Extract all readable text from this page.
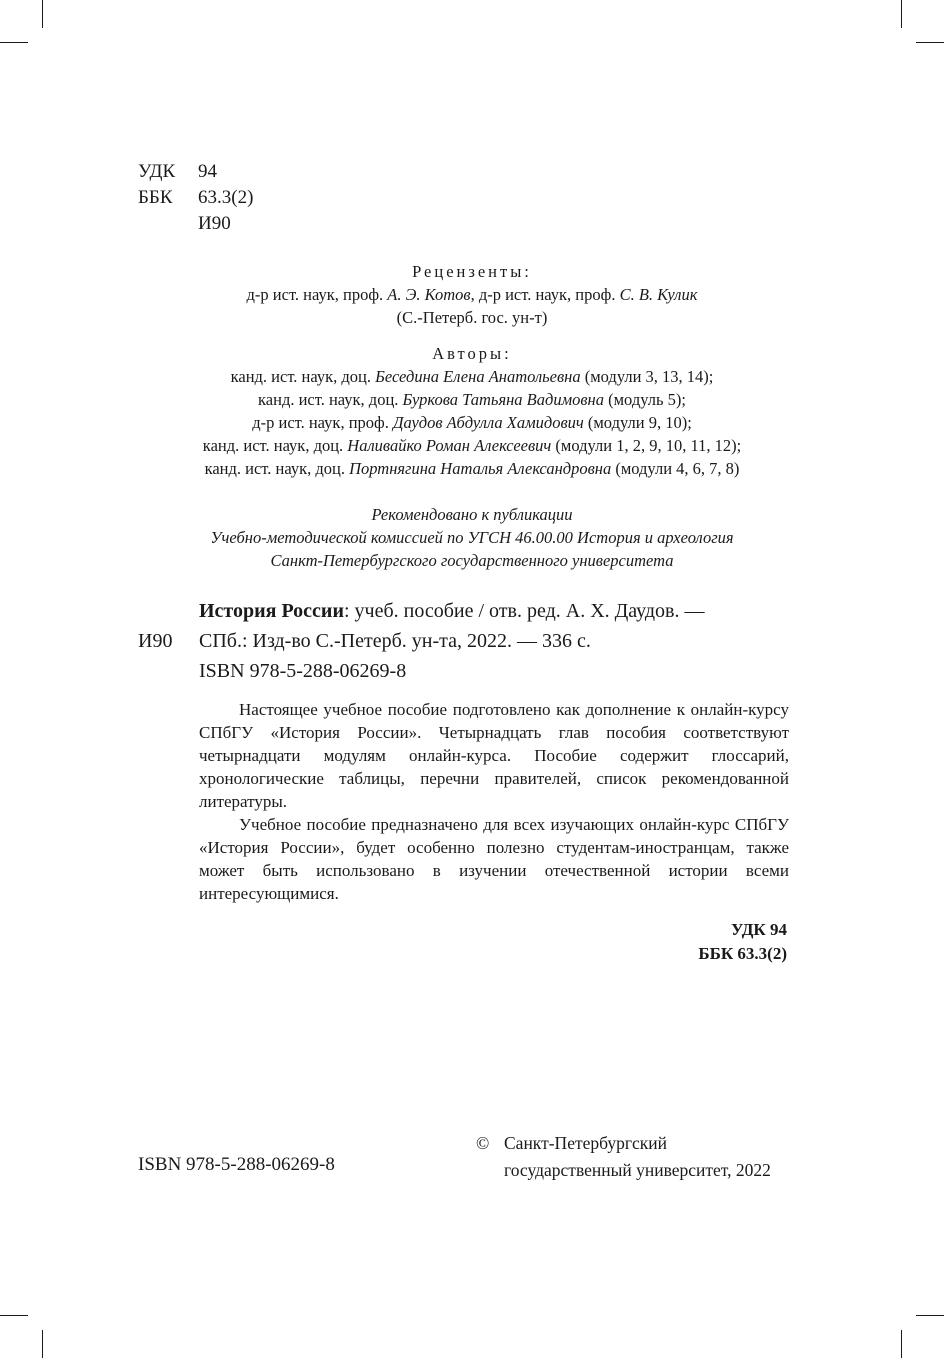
УДК	94
ББК	63.3(2)
И90
Рецензенты:
д-р ист. наук, проф. А. Э. Котов, д-р ист. наук, проф. С. В. Кулик
(С.-Петерб. гос. ун-т)
Авторы:
канд. ист. наук, доц. Беседина Елена Анатольевна (модули 3, 13, 14);
канд. ист. наук, доц. Буркова Татьяна Вадимовна (модуль 5);
д-р ист. наук, проф. Даудов Абдулла Хамидович (модули 9, 10);
канд. ист. наук, доц. Наливайко Роман Алексеевич (модули 1, 2, 9, 10, 11, 12);
канд. ист. наук, доц. Портнягина Наталья Александровна (модули 4, 6, 7, 8)
Рекомендовано к публикации
Учебно-методической комиссией по УГСН 46.00.00 История и археология
Санкт-Петербургского государственного университета
И90
История России: учеб. пособие / отв. ред. А. Х. Даудов. —
СПб.: Изд-во С.-Петерб. ун-та, 2022. — 336 с.
ISBN 978-5-288-06269-8

Настоящее учебное пособие подготовлено как дополнение к онлайн-курсу СПбГУ «История России». Четырнадцать глав пособия соответствуют четырнадцати модулям онлайн-курса. Пособие содержит глоссарий, хронологические таблицы, перечни правителей, список рекомендованной литературы.

Учебное пособие предназначено для всех изучающих онлайн-курс СПбГУ «История России», будет особенно полезно студентам-иностранцам, также может быть использовано в изучении отечественной истории всеми интересующимися.

УДК 94
ББК 63.3(2)
ISBN 978-5-288-06269-8
© Санкт-Петербургский
государственный университет, 2022
